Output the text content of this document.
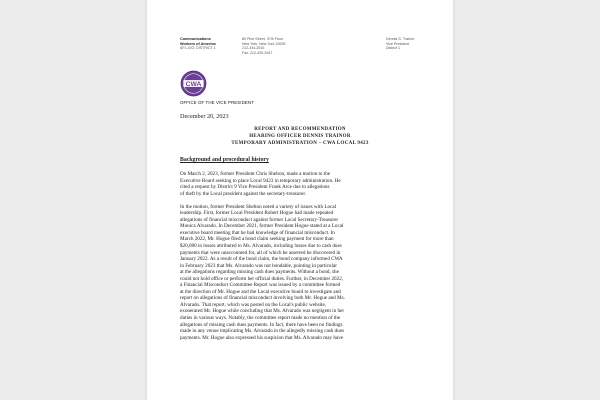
Communications
Workers of America
AFL-CIO, DISTRICT 1
80 Pine Street, 37th Floor
New York, New York 10005
212-344-2515
Fax: 212-425-2947
Dennis G. Trainor
Vice President
District 1
CWA
OFFICE OF THE VICE PRESIDENT
December 20, 2023
REPORT AND RECOMMENDATION
HEARING OFFICER DENNIS TRAINOR
TEMPORARY ADMINISTRATION – CWA LOCAL 9423
Background and procedural history

On March 2, 2023, former President Chris Shelton, made a motion to the
Executive Board seeking to place Local 9423 in temporary administration. He
cited a request by District 9 Vice President Frank Arce due to allegations
of theft by the Local president against the secretary-treasurer.

In the motion, former President Shelton noted a variety of issues with Local
leadership. First, former Local President Robert Hogue had made repeated
allegations of financial misconduct against former Local Secretary-Treasurer
Monica Alvarado. In December 2021, former President Hogue stated at a Local
executive board meeting that he had knowledge of financial misconduct. In
March 2022, Mr. Hogue filed a bond claim seeking payment for more than
$20,000 in losses attributed to Ms. Alvarado, including losses due to cash dues
payments that were unaccounted for, all of which he asserted he discovered in
January 2022. As a result of the bond claim, the bond company informed CWA
in February 2023 that Ms. Alvarado was not bondable, pointing in particular
at the allegations regarding missing cash dues payments. Without a bond, she
could not hold office or perform her official duties. Further, in December 2022,
a Financial Misconduct Committee Report was issued by a committee formed
at the direction of Mr. Hogue and the Local executive board to investigate and
report on allegations of financial misconduct involving both Mr. Hogue and Ms.
Alvarado. That report, which was posted on the Local's public website,
exonerated Mr. Hogue while concluding that Ms. Alvarado was negligent in her
duties in various ways. Notably, the committee report made no mention of the
allegations of missing cash dues payments. In fact, there have been no findings
made in any venue implicating Ms. Alvarado in the allegedly missing cash dues
payments. Mr. Hogue also expressed his suspicion that Ms. Alvarado may have
